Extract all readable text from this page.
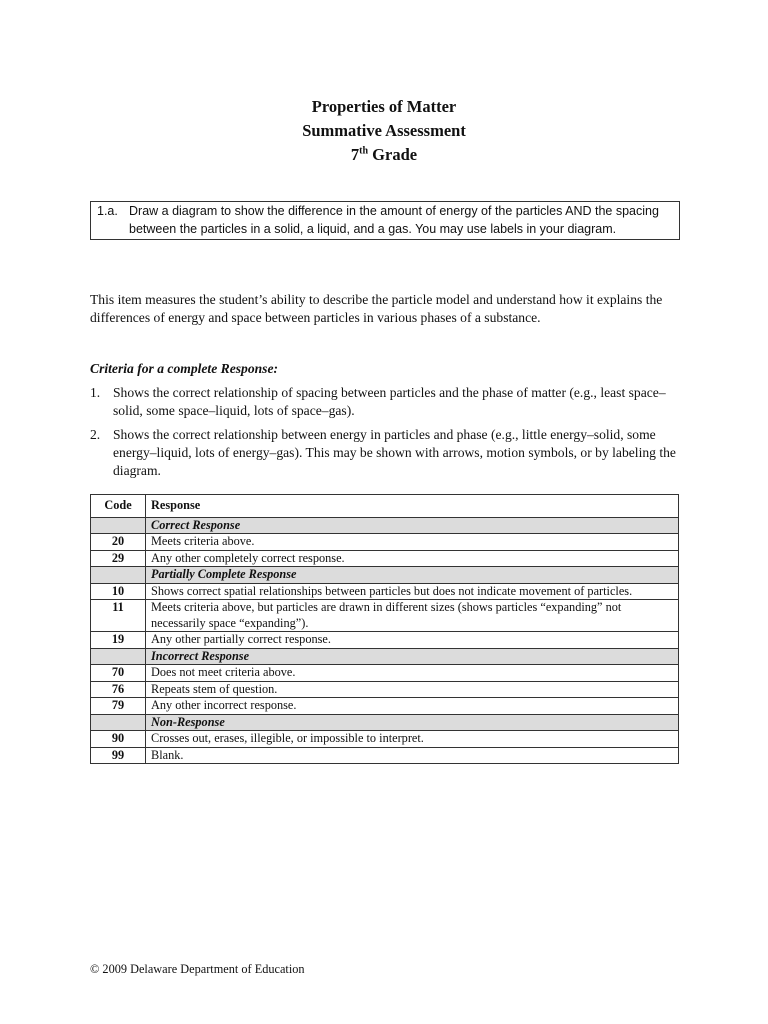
Properties of Matter
Summative Assessment
7th Grade
1.a. Draw a diagram to show the difference in the amount of energy of the particles AND the spacing between the particles in a solid, a liquid, and a gas. You may use labels in your diagram.
This item measures the student’s ability to describe the particle model and understand how it explains the differences of energy and space between particles in various phases of a substance.
Criteria for a complete Response:
1. Shows the correct relationship of spacing between particles and the phase of matter (e.g., least space–solid, some space–liquid, lots of space–gas).
2. Shows the correct relationship between energy in particles and phase (e.g., little energy–solid, some energy–liquid, lots of energy–gas). This may be shown with arrows, motion symbols, or by labeling the diagram.
Code	Response
	Correct Response
20	Meets criteria above.
29	Any other completely correct response.
	Partially Complete Response
10	Shows correct spatial relationships between particles but does not indicate movement of particles.
11	Meets criteria above, but particles are drawn in different sizes (shows particles “expanding” not necessarily space “expanding”).
19	Any other partially correct response.
	Incorrect Response
70	Does not meet criteria above.
76	Repeats stem of question.
79	Any other incorrect response.
	Non-Response
90	Crosses out, erases, illegible, or impossible to interpret.
99	Blank.
© 2009 Delaware Department of Education
